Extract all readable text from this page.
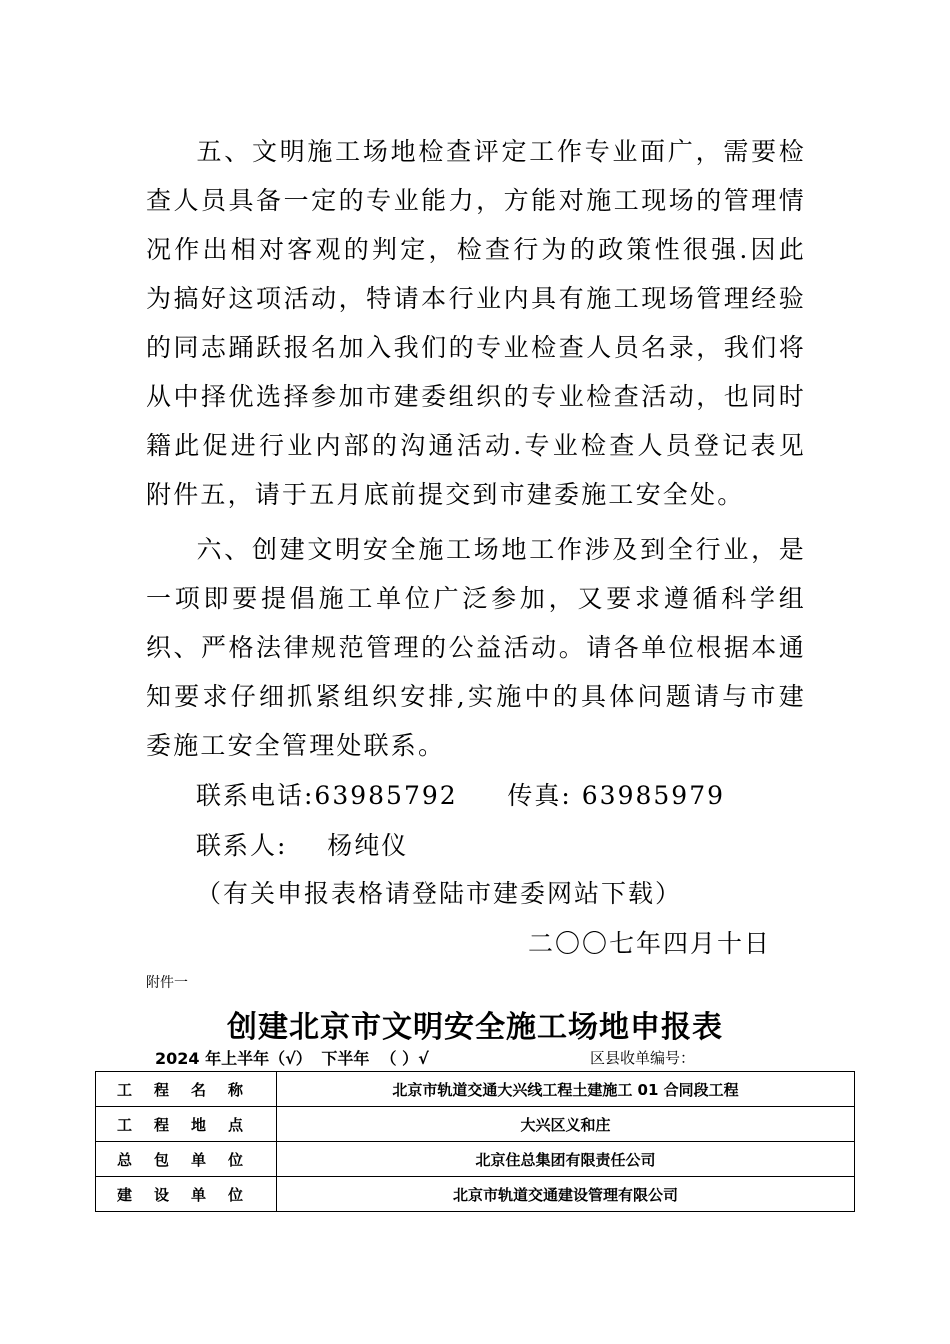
五、文明施工场地检查评定工作专业面广，需要检查人员具备一定的专业能力，方能对施工现场的管理情况作出相对客观的判定，检查行为的政策性很强.因此为搞好这项活动，特请本行业内具有施工现场管理经验的同志踊跃报名加入我们的专业检查人员名录，我们将从中择优选择参加市建委组织的专业检查活动，也同时籍此促进行业内部的沟通活动.专业检查人员登记表见附件五，请于五月底前提交到市建委施工安全处。

六、创建文明安全施工场地工作涉及到全行业，是一项即要提倡施工单位广泛参加，又要求遵循科学组织、严格法律规范管理的公益活动。请各单位根据本通知要求仔细抓紧组织安排,实施中的具体问题请与市建委施工安全管理处联系。

联系电话:63985792     传真: 63985979
联系人:    杨纯仪
（有关申报表格请登陆市建委网站下载）
二〇〇七年四月十日
附件一
创建北京市文明安全施工场地申报表
2024 年上半年（√） 下半年  （ ）√	区县收单编号：
工程名称	北京市轨道交通大兴线工程土建施工 01 合同段工程
工程地点	大兴区义和庄
总包单位	北京住总集团有限责任公司
建设单位	北京市轨道交通建设管理有限公司
